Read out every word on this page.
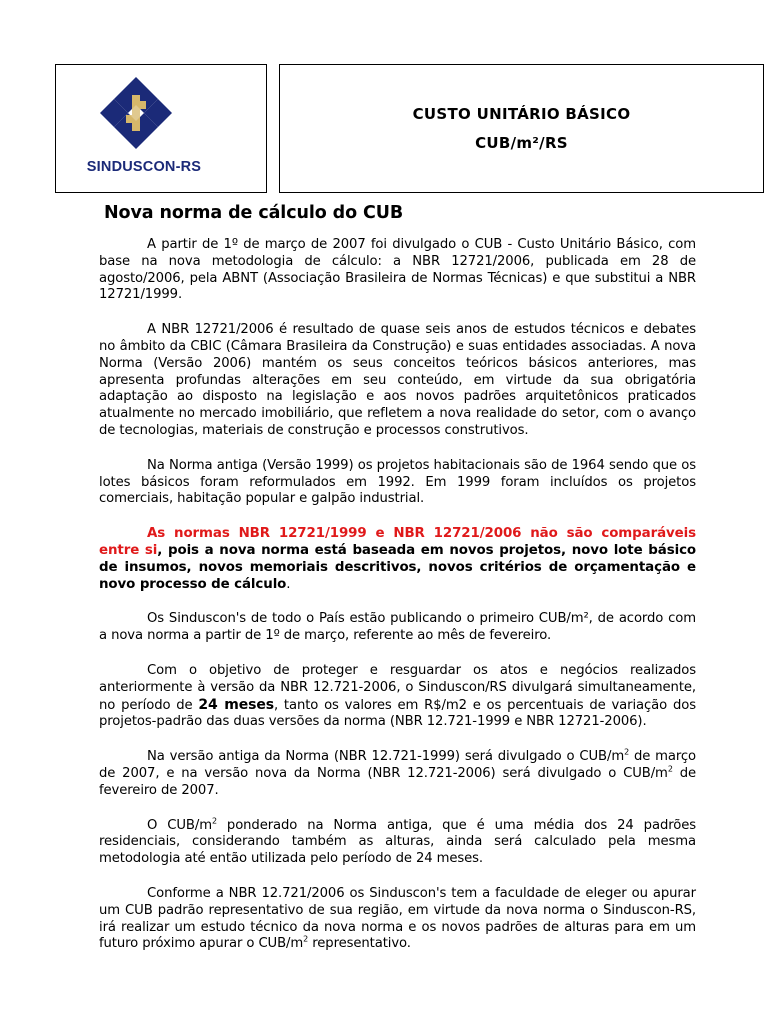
SINDUSCON-RS
CUSTO UNITÁRIO BÁSICO
CUB/m²/RS
Nova norma de cálculo do CUB

A partir de 1º de março de 2007 foi divulgado o CUB - Custo Unitário Básico, com base na nova metodologia de cálculo: a NBR 12721/2006, publicada em 28 de agosto/2006, pela ABNT (Associação Brasileira de Normas Técnicas) e que substitui a NBR 12721/1999.

A NBR 12721/2006 é resultado de quase seis anos de estudos técnicos e debates no âmbito da CBIC (Câmara Brasileira da Construção) e suas entidades associadas. A nova Norma (Versão 2006) mantém os seus conceitos teóricos básicos anteriores, mas apresenta profundas alterações em seu conteúdo, em virtude da sua obrigatória adaptação ao disposto na legislação e aos novos padrões arquitetônicos praticados atualmente no mercado imobiliário, que refletem a nova realidade do setor, com o avanço de tecnologias, materiais de construção e processos construtivos.

Na Norma antiga (Versão 1999) os projetos habitacionais são de 1964 sendo que os lotes básicos foram reformulados em 1992. Em 1999 foram incluídos os projetos comerciais, habitação popular e galpão industrial.

As normas NBR 12721/1999 e NBR 12721/2006 não são comparáveis entre si, pois a nova norma está baseada em novos projetos, novo lote básico de insumos, novos memoriais descritivos, novos critérios de orçamentação e novo processo de cálculo.

Os Sinduscon's de todo o País estão publicando o primeiro CUB/m², de acordo com a nova norma a partir de 1º de março, referente ao mês de fevereiro.

Com o objetivo de proteger e resguardar os atos e negócios realizados anteriormente à versão da NBR 12.721-2006, o Sinduscon/RS divulgará simultaneamente, no período de 24 meses, tanto os valores em R$/m2 e os percentuais de variação dos projetos-padrão das duas versões da norma (NBR 12.721-1999 e NBR 12721-2006).

Na versão antiga da Norma (NBR 12.721-1999) será divulgado o CUB/$m^2$ de março de 2007, e na versão nova da Norma (NBR 12.721-2006) será divulgado o CUB/$m^2$ de fevereiro de 2007.

O CUB/$m^2$ ponderado na Norma antiga, que é uma média dos 24 padrões residenciais, considerando também as alturas, ainda será calculado pela mesma metodologia até então utilizada pelo período de 24 meses.

Conforme a NBR 12.721/2006 os Sinduscon's tem a faculdade de eleger ou apurar um CUB padrão representativo de sua região, em virtude da nova norma o Sinduscon-RS, irá realizar um estudo técnico da nova norma e os novos padrões de alturas para em um futuro próximo apurar o CUB/$m^2$ representativo.
